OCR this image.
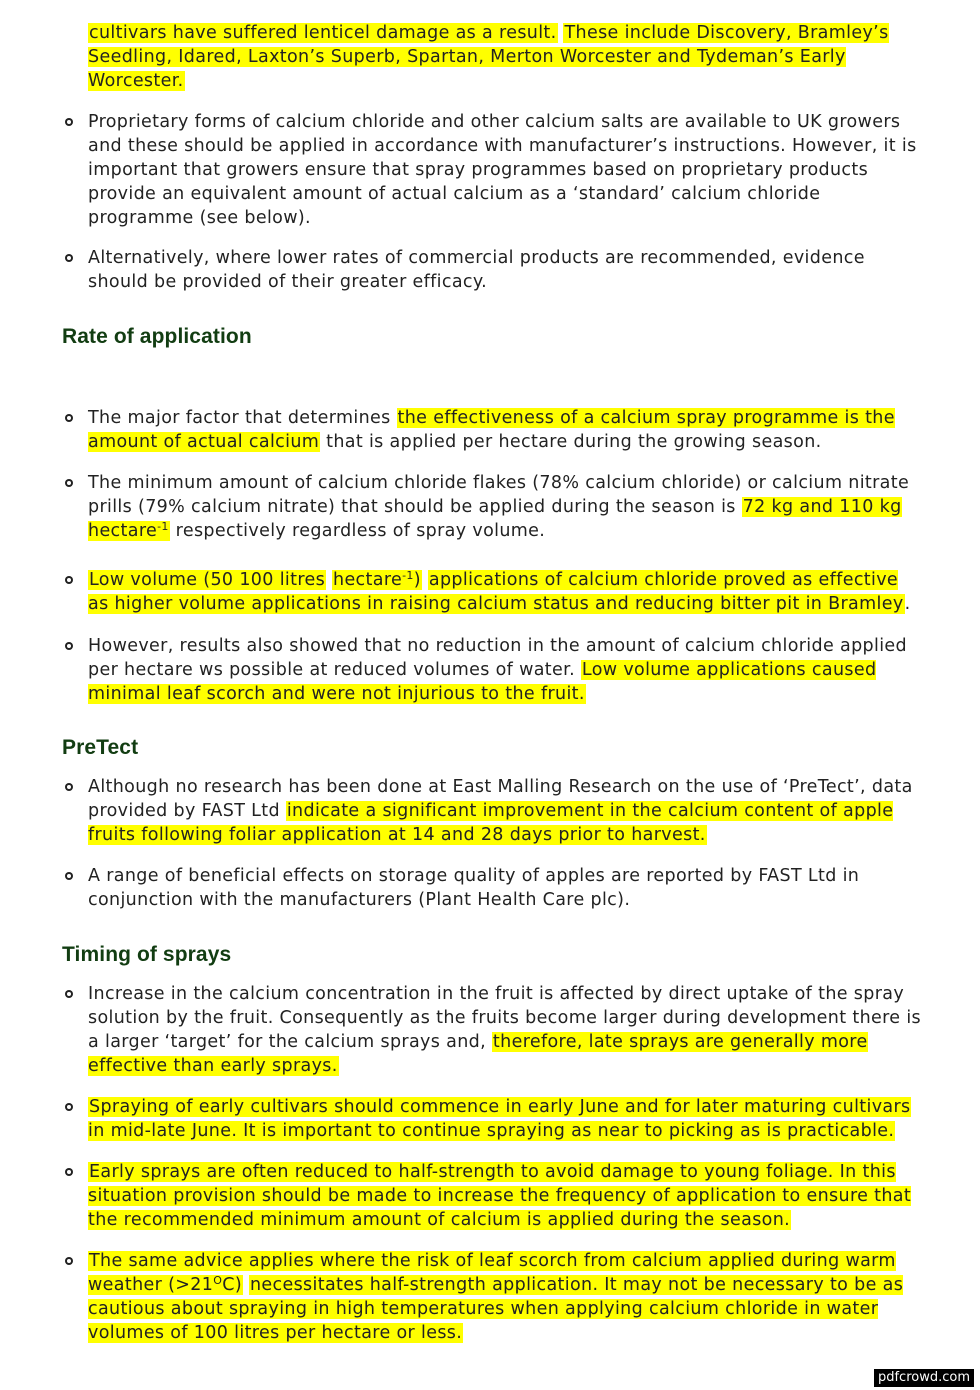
cultivars have suffered lenticel damage as a result. These include Discovery, Bramley’s Seedling, Idared, Laxton’s Superb, Spartan, Merton Worcester and Tydeman’s Early Worcester.

Proprietary forms of calcium chloride and other calcium salts are available to UK growers and these should be applied in accordance with manufacturer’s instructions. However, it is important that growers ensure that spray programmes based on proprietary products provide an equivalent amount of actual calcium as a ‘standard’ calcium chloride programme (see below).
Alternatively, where lower rates of commercial products are recommended, evidence should be provided of their greater efficacy.
Rate of application
The major factor that determines the effectiveness of a calcium spray programme is the amount of actual calcium that is applied per hectare during the growing season.
The minimum amount of calcium chloride flakes (78% calcium chloride) or calcium nitrate prills (79% calcium nitrate) that should be applied during the season is 72 kg and 110 kg hectare$^{-1}$ respectively regardless of spray volume.
Low volume (50 100 litres hectare$^{-1}$) applications of calcium chloride proved as effective as higher volume applications in raising calcium status and reducing bitter pit in Bramley.
However, results also showed that no reduction in the amount of calcium chloride applied per hectare ws possible at reduced volumes of water. Low volume applications caused minimal leaf scorch and were not injurious to the fruit.
PreTect
Although no research has been done at East Malling Research on the use of ‘PreTect’, data provided by FAST Ltd indicate a significant improvement in the calcium content of apple fruits following foliar application at 14 and 28 days prior to harvest.
A range of beneficial effects on storage quality of apples are reported by FAST Ltd in conjunction with the manufacturers (Plant Health Care plc).
Timing of sprays
Increase in the calcium concentration in the fruit is affected by direct uptake of the spray solution by the fruit. Consequently as the fruits become larger during development there is a larger ‘target’ for the calcium sprays and, therefore, late sprays are generally more effective than early sprays.
Spraying of early cultivars should commence in early June and for later maturing cultivars in mid-late June. It is important to continue spraying as near to picking as is practicable.
Early sprays are often reduced to half-strength to avoid damage to young foliage. In this situation provision should be made to increase the frequency of application to ensure that the recommended minimum amount of calcium is applied during the season.
The same advice applies where the risk of leaf scorch from calcium applied during warm weather $(>21^OC)$ necessitates half-strength application. It may not be necessary to be as cautious about spraying in high temperatures when applying calcium chloride in water volumes of 100 litres per hectare or less.
pdfcrowd.com
